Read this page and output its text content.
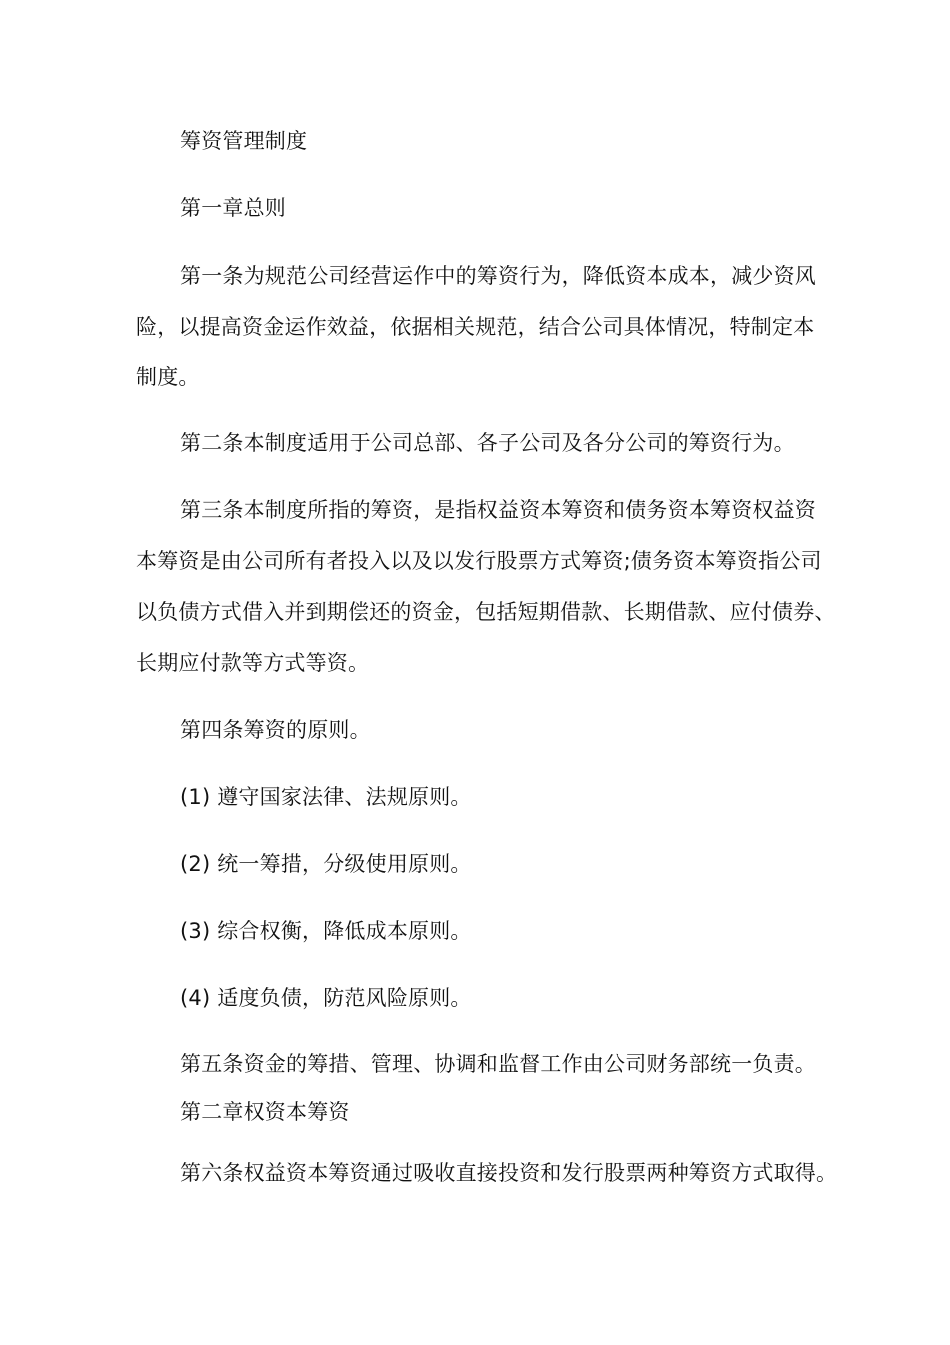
筹资管理制度
第一章总则
第一条为规范公司经营运作中的筹资行为，降低资本成本，减少资风
险，以提高资金运作效益，依据相关规范，结合公司具体情况，特制定本
制度。
第二条本制度适用于公司总部、各子公司及各分公司的筹资行为。
第三条本制度所指的筹资，是指权益资本筹资和债务资本筹资权益资
本筹资是由公司所有者投入以及以发行股票方式筹资;债务资本筹资指公司
以负债方式借入并到期偿还的资金，包括短期借款、长期借款、应付债券、
长期应付款等方式等资。
第四条筹资的原则。
(1) 遵守国家法律、法规原则。
(2) 统一筹措，分级使用原则。
(3) 综合权衡，降低成本原则。
(4) 适度负债，防范风险原则。
第五条资金的筹措、管理、协调和监督工作由公司财务部统一负责。
第二章权资本筹资
第六条权益资本筹资通过吸收直接投资和发行股票两种筹资方式取得。
